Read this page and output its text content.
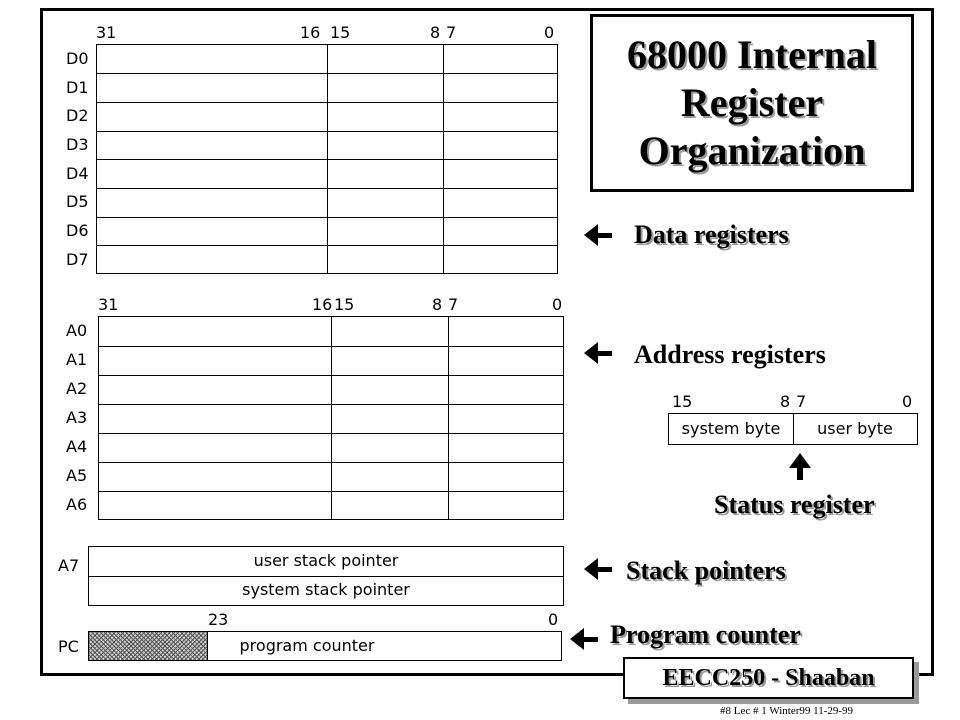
68000 Internal
Register
Organization
31	16 15	8 7	0
D0
D1
D2
D3
D4
D5
D6
D7
31	16 15	8 7	0
A0
A1
A2
A3
A4
A5
A6
A7	user stack pointer
system stack pointer
23	0
PC	program counter
15	8 7	0
system byte	user byte
Data registers
Address registers
Status register
Stack pointers
Program counter
EECC250 - Shaaban
#8 Lec # 1 Winter99 11-29-99
